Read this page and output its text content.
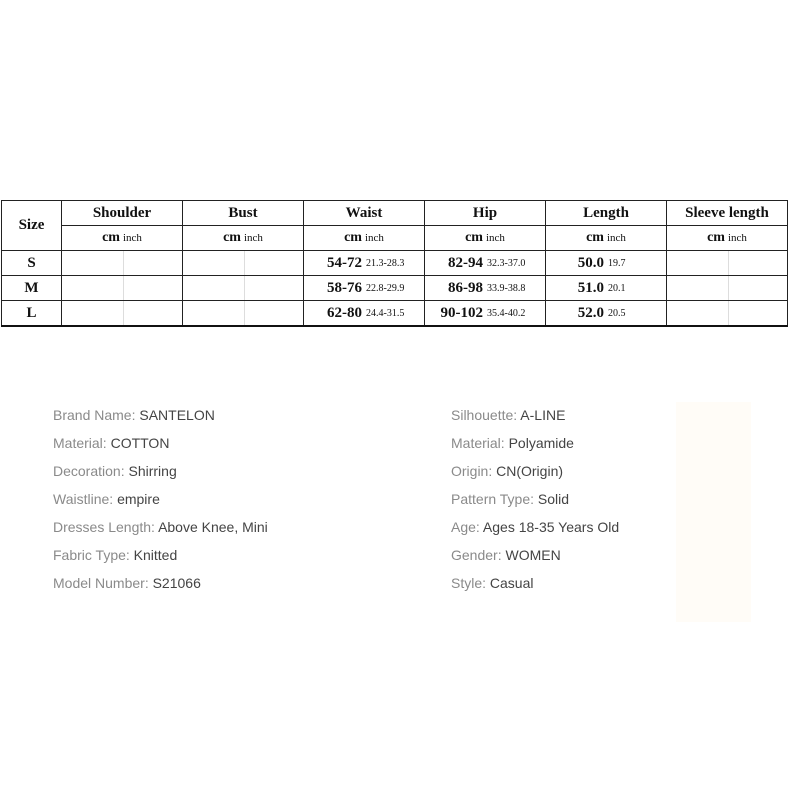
Size	Shoulder	Bust	Waist	Hip	Length	Sleeve length
	cm inch	cm inch	cm inch	cm inch	cm inch	cm inch
S			54-72 21.3-28.3	82-94 32.3-37.0	50.0 19.7	

M			58-76 22.8-29.9	86-98 33.9-38.8	51.0 20.1	

L			62-80 24.4-31.5	90-102 35.4-40.2	52.0 20.5	

Brand Name: SANTELON
Material: COTTON
Decoration: Shirring
Waistline: empire
Dresses Length: Above Knee, Mini
Fabric Type: Knitted
Model Number: S21066
Silhouette: A-LINE
Material: Polyamide
Origin: CN(Origin)
Pattern Type: Solid
Age: Ages 18-35 Years Old
Gender: WOMEN
Style: Casual
